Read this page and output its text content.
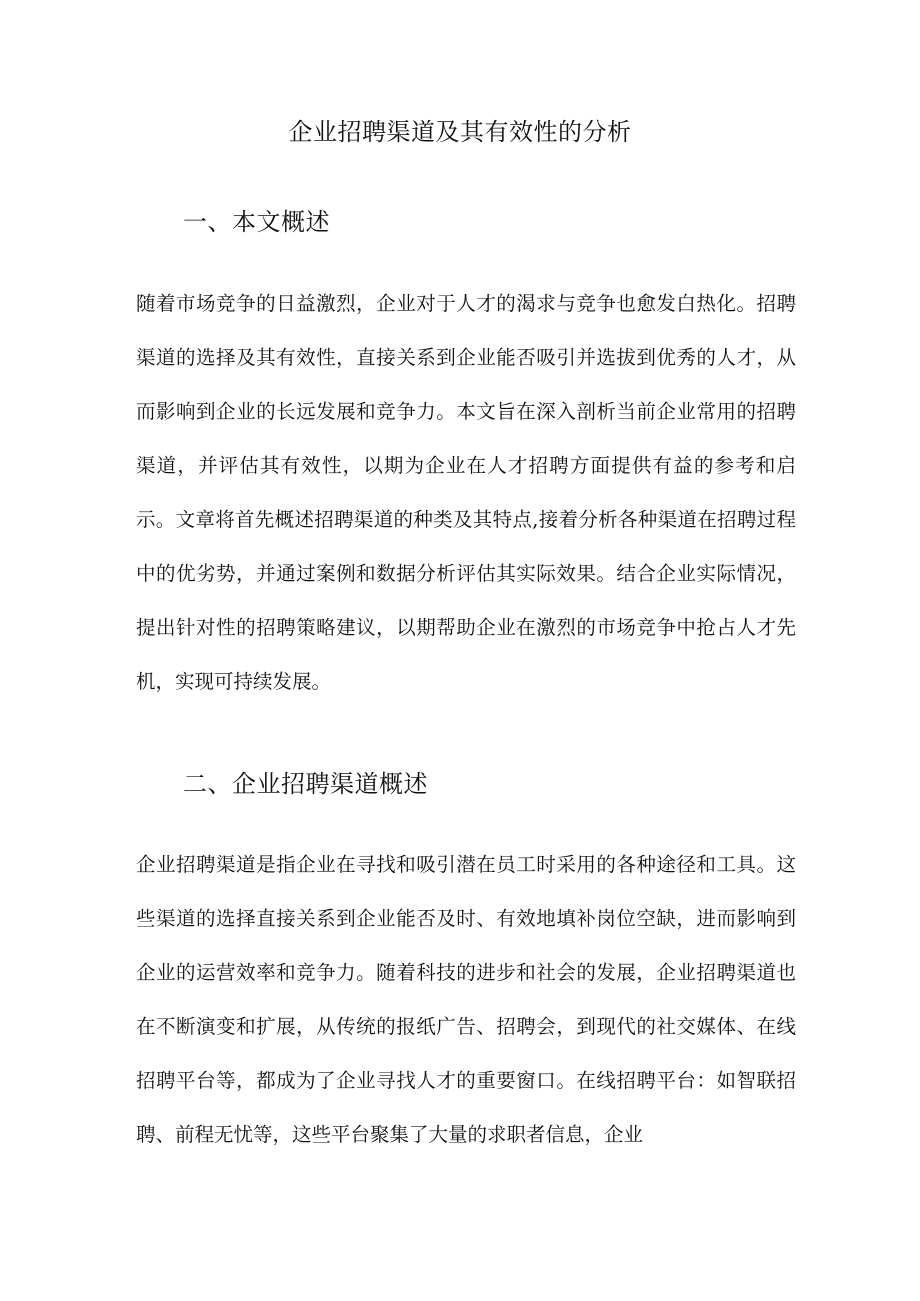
企业招聘渠道及其有效性的分析
一、本文概述

随着市场竞争的日益激烈，企业对于人才的渴求与竞争也愈发白热化。招聘渠道的选择及其有效性，直接关系到企业能否吸引并选拔到优秀的人才，从而影响到企业的长远发展和竞争力。本文旨在深入剖析当前企业常用的招聘渠道，并评估其有效性，以期为企业在人才招聘方面提供有益的参考和启示。文章将首先概述招聘渠道的种类及其特点,接着分析各种渠道在招聘过程中的优劣势，并通过案例和数据分析评估其实际效果。结合企业实际情况，提出针对性的招聘策略建议，以期帮助企业在激烈的市场竞争中抢占人才先机，实现可持续发展。

二、企业招聘渠道概述

企业招聘渠道是指企业在寻找和吸引潜在员工时采用的各种途径和工具。这些渠道的选择直接关系到企业能否及时、有效地填补岗位空缺，进而影响到企业的运营效率和竞争力。随着科技的进步和社会的发展，企业招聘渠道也在不断演变和扩展，从传统的报纸广告、招聘会，到现代的社交媒体、在线招聘平台等，都成为了企业寻找人才的重要窗口。在线招聘平台：如智联招聘、前程无忧等，这些平台聚集了大量的求职者信息，企业
